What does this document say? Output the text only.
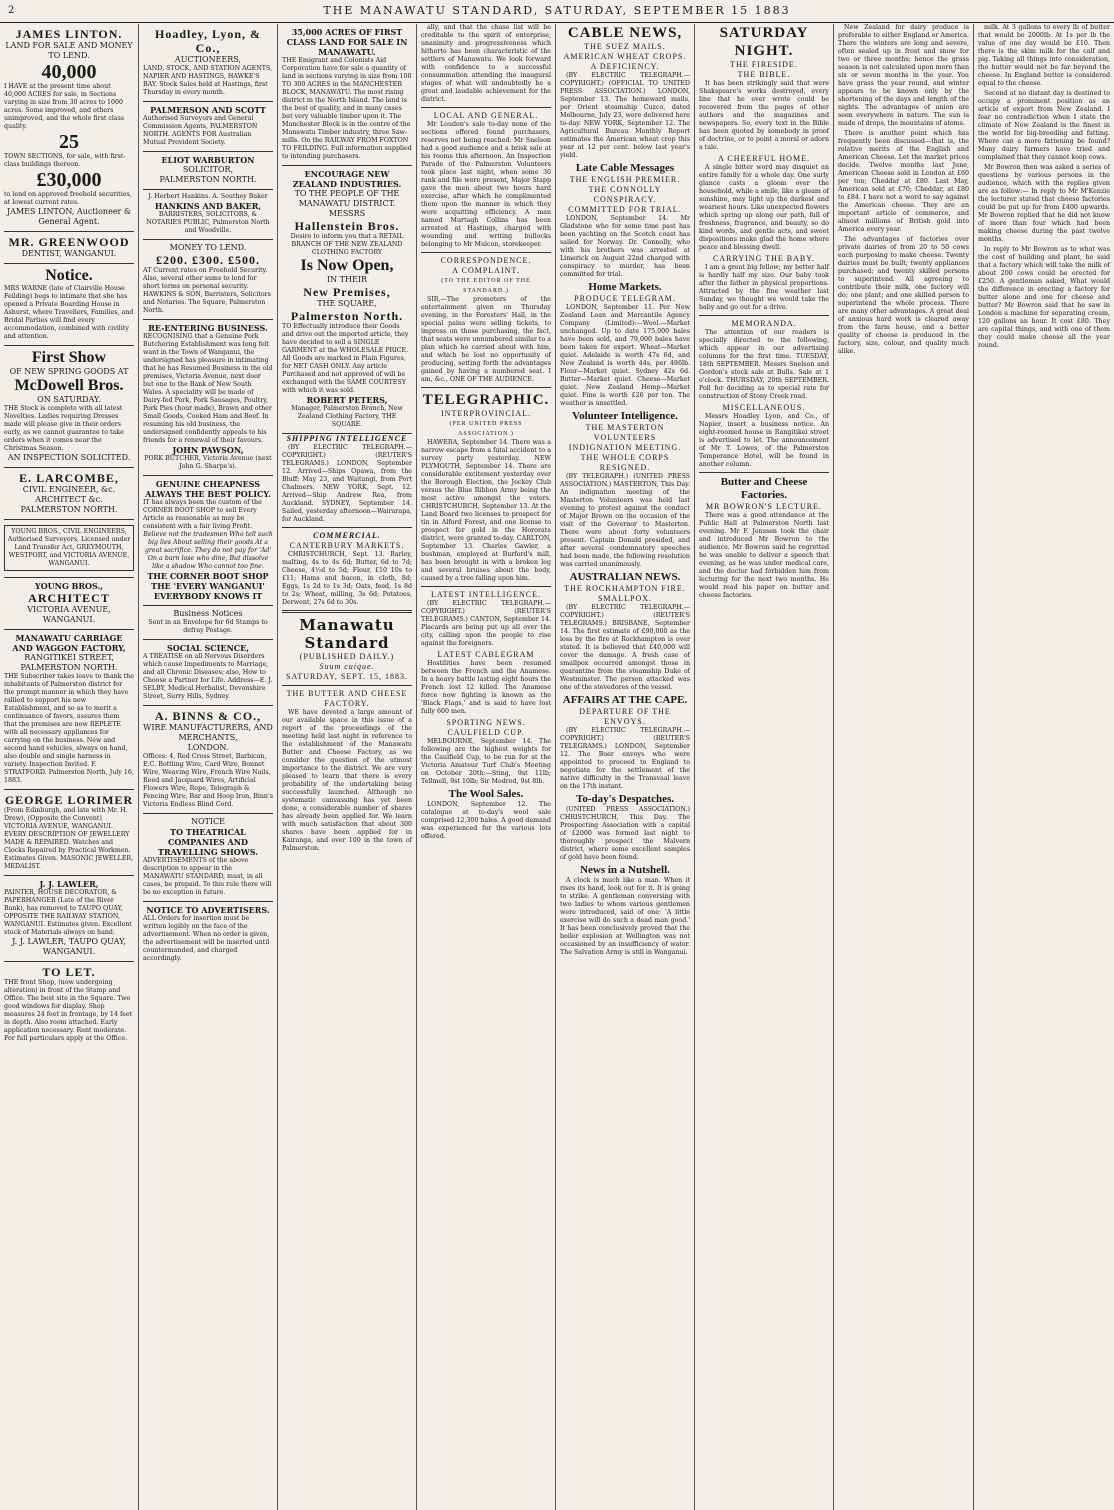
2	THE MANAWATU STANDARD, SATURDAY, SEPTEMBER 15 1883
JAMES LINTON.
LAND FOR SALE AND MONEY TO LEND.
40,000
I HAVE at the present time about 40,000 ACRES for sale, in Sections varying in size from 30 acres to 1000 acres. Some improved, and others unimproved, and the whole first class quality.
25
TOWN SECTIONS, for sale, with first-class buildings thereon.
£30,000
to lend on approved freehold securities, at lowest current rates.
JAMES LINTON, Auctioneer & General Agent.
MR. GREENWOOD
DENTIST, WANGANUI.
Notice.
MRS WARNE (late of Clairville House Feilding) begs to intimate that she has opened a Private Boarding House in Ashurst, where Travellers, Families, and Bridal Parties will find every accommodation, combined with civility and attention.
First Show
OF NEW SPRING GOODS AT
McDowell Bros.
ON SATURDAY.
THE Stock is complete with all latest Novelties. Ladies requiring Dresses made will please give in their orders early, as we cannot guarantee to take orders when it comes near the Christmas Season.
AN INSPECTION SOLICITED.
E. LARCOMBE,
CIVIL ENGINEER, &c.
ARCHITECT &c.
PALMERSTON NORTH.
YOUNG BROS., CIVIL ENGINEERS, Authorised Surveyors, Licensed under Land Transfer Act, GREYMOUTH, WESTPORT, and VICTORIA AVENUE, WANGANUI.
YOUNG BROS.,
ARCHITECT
VICTORIA AVENUE, WANGANUI.
MANAWATU CARRIAGE AND WAGGON FACTORY,
RANGITIKEI STREET, PALMERSTON NORTH.
THE Subscriber takes leave to thank the inhabitants of Palmerston district for the prompt manner in which they have rallied to support his new Establishment, and so as to merit a continuance of favors, assures them that the premises are now REPLETE with all necessary appliances for carrying on the business. New and second hand vehicles, always on hand, also double and single harness in variety. Inspection Invited. F. STRATFORD. Palmerston North, July 16, 1883.
GEORGE LORIMER
(From Edinburgh, and late with Mr. H. Drew), (Opposite the Convent) VICTORIA AVENUE, WANGANUI. EVERY DESCRIPTION OF JEWELLERY MADE & REPAIRED. Watches and Clocks Repaired by Practical Workmen. Estimates Given. MASONIC JEWELLER, MEDALIST.
J. J. LAWLER,
PAINTER, HOUSE DECORATOR, & PAPERHANGER (Late of the River Bank), has removed to TAUPO QUAY, OPPOSITE THE RAILWAY STATION, WANGANUI. Estimates given. Excellent stock of Materials always on hand.
J. J. LAWLER, TAUPO QUAY, WANGANUI.
TO LET.
THE front Shop, (now undergoing alteration) in front of the Stamp and Office. The best site in the Square. Two good windows for display. Shop measures 24 feet in frontage, by 14 feet in depth. Also room attached. Early application necessary. Rent moderate. For full particulars apply at the Office.
Hoadley, Lyon, & Co.,
AUCTIONEERS,
LAND, STOCK, AND STATION AGENTS, NAPIER AND HASTINGS, HAWKE'S BAY. Stock Sales held at Hastings, first Thursday in every month.
PALMERSON AND SCOTT
Authorised Surveyors and General Commission Agents, PALMERSTON NORTH. AGENTS FOR Australian Mutual Provident Society.
ELIOT WARBURTON
SOLICITOR,
PALMERSTON NORTH.
J. Herbert Hankins. A. Southey Baker
HANKINS AND BAKER,
BARRISTERS, SOLICITORS, & NOTARIES PUBLIC, Palmerston North and Woodville.
MONEY TO LEND.
£200. £300. £500.
AT Current rates on Freehold Security. Also, several other sums to lend for short terms on personal security. HAWKINS & SON, Barristers, Solicitors and Notaries. The Square, Palmerston North.
RE-ENTERING BUSINESS.
RECOGNISING that a Genuine Pork Butchering Establishment was long felt want in the Town of Wanganui, the undersigned has pleasure in intimating that he has Resumed Business in the old premises, Victoria Avenue, next door but one to the Bank of New South Wales. A speciality will be made of Dairy-fed Pork, Pork Sausages, Poultry, Pork Pies (hour made), Brawn and other Small Goods, Cooked Ham and Beef. In resuming his old business, the undersigned confidently appeals to his friends for a renewal of their favours.
JOHN PAWSON,
PORK BUTCHER, Victoria Avenue (next John G. Sharpe's).
GENUINE CHEAPNESS ALWAYS THE BEST POLICY.
IT has always been the custom of the CORNER BOOT SHOP to sell Every Article as reasonable as may be consistent with a fair living Profit.
Believe not the tradesmen Who tell such big lies About selling their goods At a great sacrifice. They do not pay for 'Ad' On a barn lose who dine, But dissolve like a shadow Who cannot too fine.
THE CORNER BOOT SHOP THE 'EVERY WANGANUI' EVERYBODY KNOWS IT
Business Notices
Sent in an Envelope for 6d Stamps to defray Postage.
SOCIAL SCIENCE,
A TREATISE on all Nervous Disorders which cause Impediments to Marriage, and all Chronic Diseases; also, How to Choose a Partner for Life. Address—E. J. SELBY, Medical Herbalist, Devonshire Street, Surry Hills, Sydney.
A. BINNS & CO.,
WIRE MANUFACTURERS, AND MERCHANTS,
LONDON.
Offices: 4, Red Cross Street, Barbican, E.C. Bottling Wire, Card Wire, Bonnet Wire, Weaving Wire, French Wire Nails, Reed and Jacquard Wires, Artificial Flowers Wire, Rope, Telegraph & Fencing Wire, Bar and Hoop Iron, Binn's Victoria Endless Blind Cord.
NOTICE
TO THEATRICAL COMPANIES AND TRAVELLING SHOWS.
ADVERTISEMENTS of the above description to appear in the MANAWATU STANDARD, must, in all cases, be prepaid. To this rule there will be no exception in future.
NOTICE TO ADVERTISERS.
ALL Orders for insertion must be written legibly on the face of the advertisement. When no order is given, the advertisement will be inserted until countermanded, and charged accordingly.
35,000 ACRES OF FIRST CLASS LAND FOR SALE IN MANAWATU.
THE Emigrant and Colonists Aid Corporation have for sale a quantity of land in sections varying in size from 100 TO 300 ACRES in the MANCHESTER BLOCK, MANAWATU. The most rising district in the North Island. The land is the best of quality, and in many cases but very valuable timber upon it. The Manchester Block is in the centre of the Manawatu Timber industry, three Saw-mills. On the RAILWAY FROM FOXTON TO FEILDING. Full information supplied to intending purchasers.
ENCOURAGE NEW ZEALAND INDUSTRIES.
TO THE PEOPLE OF THE MANAWATU DISTRICT.
MESSRS
Hallenstein Bros.
Desire to inform you that a RETAIL BRANCH OF THE NEW ZEALAND CLOTHING FACTORY
Is Now Open,
IN THEIR
New Premises,
THE SQUARE,
Palmerston North.
TO Effectually introduce their Goods and drive out the imported article, they have decided to sell a SINGLE GARMENT at the WHOLESALE PRICE. All Goods are marked in Plain Figures, for NET CASH ONLY. Any article Purchased and not approved of will be exchanged with the SAME COURTESY with which it was sold.
ROBERT PETERS,
Manager, Palmerston Branch, New Zealand Clothing Factory, THE SQUARE.
SHIPPING INTELLIGENCE

(BY ELECTRIC TELEGRAPH.—COPYRIGHT.) (REUTER'S TELEGRAMS.) LONDON, September 12. Arrived—Ships Opawa, from the Bluff; May 23, and Waitangi, from Port Chalmers. NEW YORK, Sept. 12. Arrived—Ship Andrew Rea, from Auckland. SYDNEY, September 14. Sailed, yesterday afternoon—Wairarapa, for Auckland.

COMMERCIAL.
CANTERBURY MARKETS.

CHRISTCHURCH, Sept. 13. Barley, malting, 4s to 4s 6d; Butter, 6d to 7d; Cheese, 4½d to 5d; Flour, £10 10s to £11; Hams and bacon, in cloth, 8d; Eggs, 1s 2d to 1s 3d; Oats, feed, 1s 8d to 2s; Wheat, milling, 3s 6d; Potatoes, Derwent, 27s 6d to 30s.

Manawatu Standard
(PUBLISHED DAILY.)
Suum cuique.
SATURDAY, SEPT. 15, 1883.
THE BUTTER AND CHEESE FACTORY.

WE have devoted a large amount of our available space in this issue of a report of the proceedings of the meeting held last night in reference to the establishment of the Manawatu Butter and Cheese Factory, as we consider the question of the utmost importance to the district. We are very pleased to learn that there is every probability of the undertaking being successfully launched. Although no systematic canvassing has yet been done, a considerable number of shares has already been applied for. We learn with much satisfaction that about 300 shares have been applied for in Kairanga, and over 100 in the town of Palmerston.

ally, and that the chase list will be creditable to the spirit of enterprise, unanimity and progressiveness which hitherto has been characteristic of the settlers of Manawatu. We look forward with confidence to a successful consummation attending the inaugural stages of what will undoubtedly be a great and laudable achievement for the district.

LOCAL AND GENERAL.

Mr Loudon's sale to-day none of the sections offered found purchasers, reserves not being reached. Mr Snelson had a good audience and a brisk sale at his rooms this afternoon. An Inspection Parade of the Palmerston Volunteers took place last night, when some 30 rank and file were present, Major Stapp gave the men about two hours hard exercise, after which he complimented them upon the manner in which they were acquitting efficiency. A man named Murtagh Collins has been arrested at Hastings, charged with wounding and writing bullocks belonging to Mr Mulcon, storekeeper.

CORRESPONDENCE.
A COMPLAINT.
(TO THE EDITOR OF THE STANDARD.)

SIR,—The promoters of the entertainment given on Thursday evening, in the Foresters' Hall, in the special pains were selling tickets, to impress on those purchasing, the fact, that seats were unnumbered similar to a plan which he carried about with him, and which he lost no opportunity of producing, setting forth the advantages gained by having a numbered seat. I am, &c., ONE OF THE AUDIENCE.

TELEGRAPHIC.
INTERPROVINCIAL.
(PER UNITED PRESS ASSOCIATION.)

HAWERA, September 14. There was a narrow escape from a fatal accident to a survey party yesterday. NEW PLYMOUTH, September 14. There are considerable excitement yesterday over the Borough Election, the Jockey Club versus the Blue Ribbon Army being the most active amongst the voters. CHRISTCHURCH, September 13. At the Land Board two licenses to prospect for tin in Alford Forest, and one license to prospect for gold in the Hororata district, were granted to-day. CARLTON, September 13. Charles Gawler, a bushman, employed at Burford's mill, has been brought in with a broken leg and several bruises about the body, caused by a tree falling upon him.

LATEST INTELLIGENCE.

(BY ELECTRIC TELEGRAPH.—COPYRIGHT.) (REUTER'S TELEGRAMS.) CANTON, September 14. Placards are being put up all over the city, calling upon the people to rise against the foreigners.

LATEST CABLEGRAM

Hostilities have been resumed between the French and the Anamese. In a heavy battle lasting eight hours the French lost 12 killed. The Anamese force now fighting is known as the 'Black Flags,' and is said to have lost fully 600 men.

SPORTING NEWS.
CAULFIELD CUP.

MELBOURNE, September 14. The following are the highest weights for the Caulfield Cup, to be run for at the Victoria Amateur Turf Club's Meeting on October 20th:—Sting, 9st 11lb; Tellmell, 9st 10lb; Sir Modred, 9st 8lb.

The Wool Sales.

LONDON, September 12. The catalogue at to-day's wool sale comprised 12,300 bales. A good demand was experienced for the various lots offered.

CABLE NEWS,
THE SUEZ MAILS.
AMERICAN WHEAT CROPS.
A DEFICIENCY.

(BY ELECTRIC TELEGRAPH.—COPYRIGHT.) (OFFICIAL TO UNITED PRESS ASSOCIATION.) LONDON, September 13. The homeward mails, per Orient steamship Cuzco, dated Melbourne, July 23, were delivered here to-day. NEW YORK, September 12. The Agricultural Bureau Monthly Report estimates the American wheat crop this year at 12 per cent. below last year's yield.

Late Cable Messages
THE ENGLISH PREMIER.
THE CONNOLLY CONSPIRACY.
COMMITTED FOR TRIAL.

LONDON, September 14. Mr Gladstone who for some time past has been yachting on the Scotch coast has sailed for Norway. Dr. Connolly, who with his brothers was arrested at Limerick on August 22nd charged with conspiracy to murder, has been committed for trial.

Home Markets.
PRODUCE TELEGRAM.

LONDON, September 11. Per New Zealand Loan and Mercantile Agency Company (Limited):—Wool.—Market unchanged. Up to date 175,000 bales have been sold, and 79,000 bales have been taken for export. Wheat—Market quiet. Adelaide is worth 47s 6d, and New Zealand is worth 44s, per 496lb. Flour—Market quiet. Sydney 42s 6d. Butter—Market quiet. Cheese—Market quiet. New Zealand Hemp—Market quiet. Fine is worth £26 per ton. The weather is unsettled.

Volunteer Intelligence.
THE MASTERTON VOLUNTEERS
INDIGNATION MEETING.
THE WHOLE CORPS RESIGNED.

(BY TELEGRAPH.) (UNITED PRESS ASSOCIATION.) MASTERTON, This Day. An indignation meeting of the Masterton Volunteers was held last evening to protest against the conduct of Major Brown on the occasion of the visit of the Governor to Masterton. There were about forty volunteers present. Captain Donald presided, and after several condemnatory speeches had been made, the following resolution was carried unanimously.

AUSTRALIAN NEWS.
THE ROCKHAMPTON FIRE.
SMALLPOX.

(BY ELECTRIC TELEGRAPH.—COPYRIGHT.) (REUTER'S TELEGRAMS.) BRISBANE, September 14. The first estimate of £90,000 as the loss by the fire at Rockhampton is over stated. It is believed that £40,000 will cover the damage. A fresh case of smallpox occurred amongst those in quarantine from the steamship Duke of Westminster. The person attacked was one of the stevedores of the vessel.

AFFAIRS AT THE CAPE.
DEPARTURE OF THE ENVOYS.

(BY ELECTRIC TELEGRAPH.—COPYRIGHT.) (REUTER'S TELEGRAMS.) LONDON, September 12. The Boer envoys who were appointed to proceed to England to negotiate for the settlement of the native difficulty in the Transvaal leave on the 17th instant.

To-day's Despatches.

(UNITED PRESS ASSOCIATION.) CHRISTCHURCH, This Day. The Prospecting Association with a capital of £2000 was formed last night to thoroughly prospect the Malvern district, where some excellent samples of gold have been found.

News in a Nutshell.

A clock is much like a man. When it rises its hand, look out for it. It is going to strike. A gentleman conversing with two ladies to whom various gentlemen were introduced, said of one: 'A little exercise will do such a dead man good.' It has been conclusively proved that the boiler explosion at Wellington was not occasioned by an insufficiency of water. The Salvation Army is still in Wanganui.

SATURDAY NIGHT.
THE FIRESIDE.
THE BIBLE.

It has been strikingly said that were Shakspeare's works destroyed, every line that he ever wrote could be recovered from the pages of other authors and the magazines and newspapers. So, every text in the Bible has been quoted by somebody in proof of doctrine, or to point a moral or adorn a tale.

A CHEERFUL HOME.

A single bitter word may disquiet an entire family for a whole day. One surly glance casts a gloom over the household, while a smile, like a gleam of sunshine, may light up the darkest and weariest hours. Like unexpected flowers which spring up along our path, full of freshness, fragrance, and beauty, so do kind words, and gentle acts, and sweet dispositions make glad the home where peace and blessing dwell.

CARRYING THE BABY.

I am a great big fellow; my better half is hardly half my size. Our baby took after the father in physical proportions. Attracted by the fine weather last Sunday, we thought we would take the baby and go out for a drive.

MEMORANDA.

The attention of our readers is specially directed to the following, which appear in our advertising columns for the first time. TUESDAY, 18th SEPTEMBER. Messrs Snelson and Gordon's stock sale at Bulls. Sale at 1 o'clock. THURSDAY, 20th SEPTEMBER. Poll for deciding as to special rate for construction of Stony Creek road.

MISCELLANEOUS.

Messrs Hoadley Lyon, and Co., of Napier, insert a business notice. An eight-roomed house in Rangitikei street is advertised to let. The announcement of Mr T. Lowes, of the Palmerston Temperance Hotel, will be found in another column.

Butter and Cheese Factories.
MR BOWRON'S LECTURE.

There was a good attendance at the Public Hall at Palmerston North last evening. Mr F. Jenssen took the chair and introduced Mr Bowron to the audience. Mr Bowron said he regretted he was unable to deliver a speech that evening, as he was under medical care, and the doctor had forbidden him from lecturing for the next two months. He would read his paper on butter and cheese factories.

New Zealand for dairy produce is preferable to either England or America. There the winters are long and severe, often sealed up in frost and snow for two or three months; hence the grass season is not calculated upon more than six or seven months in the year. You have grass the year round, and winter appears to be known only by the shortening of the days and length of the nights. The advantages of union are seen everywhere in nature. The sun is made of drops, the mountains of atoms.

There is another point which has frequently been discussed—that is, the relative merits of the English and American Cheese. Let the market prices decide. Twelve months last June, American Cheese sold in London at £60 per ton; Cheddar at £80. Last May, American sold at £70; Cheddar, at £80 to £84. I have not a word to say against the American cheese. They are an important article of commerce, and almost millions of British gold into America every year.

The advantages of factories over private dairies of from 20 to 50 cows each purposing to make cheese. Twenty dairies must be built; twenty appliances purchased; and twenty skilled persons to superintend. All agreeing to contribute their milk, one factory will do; one plant; and one skilled person to superintend the whole process. There are many other advantages. A great deal of anxious hard work is cleared away from the farm house, and a better quality of cheese is produced in the factory, size, colour, and quality much alike.

milk. At 3 gallons to every lb of butter that would be 2000lb. At 1s per lb the value of one day would be £10. Then there is the skim milk for the calf and pig. Taking all things into consideration, the butter would not be far beyond the cheese. In England butter is considered equal to the cheese.

Second at no distant day is destined to occupy a prominent position as an article of export from New Zealand. I fear no contradiction when I state the climate of New Zealand is the finest in the world for big-breeding and fatting. Where can a more fattening be found? Many dairy farmers have tried and complained that they cannot keep cows.

Mr Bowron then was asked a series of questions by various persons in the audience, which with the replies given are as follow:— In reply to Mr M'Kenzie the lecturer stated that cheese factories could be put up for from £400 upwards. Mr Bowron replied that he did not know of more than four which had been making cheese during the past twelve months.

In reply to Mr Bowron as to what was the cost of building and plant, he said that a factory which will take the milk of about 200 cows could be erected for £250. A gentleman asked, What would the difference in erecting a factory for butter alone and one for cheese and butter? Mr Bowron said that he saw in London a machine for separating cream, 120 gallons an hour. It cost £80. They are capital things, and with one of them they could make cheese all the year round.
